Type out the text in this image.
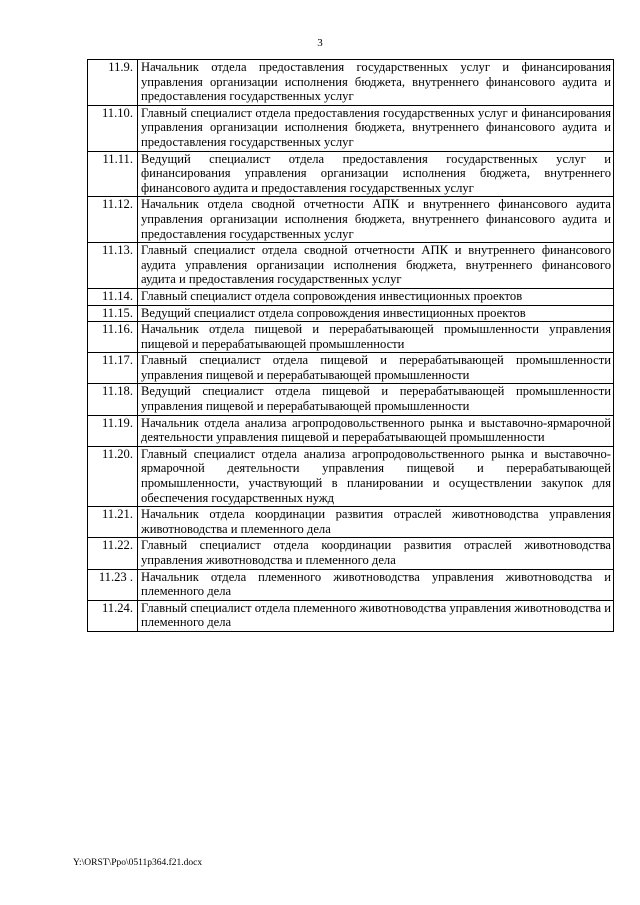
3
11.9.	Начальник отдела предоставления государственных услуг и финансирования управления организации исполнения бюджета, внутреннего финансового аудита и предоставления государственных услуг
11.10.	Главный специалист отдела предоставления государственных услуг и финансирования управления организации исполнения бюджета, внутреннего финансового аудита и предоставления государственных услуг
11.11.	Ведущий специалист отдела предоставления государственных услуг и финансирования управления организации исполнения бюджета, внутреннего финансового аудита и предоставления государственных услуг
11.12.	Начальник отдела сводной отчетности АПК и внутреннего финансового аудита управления организации исполнения бюджета, внутреннего финансового аудита и предоставления государственных услуг
11.13.	Главный специалист отдела сводной отчетности АПК и внутреннего финансового аудита управления организации исполнения бюджета, внутреннего финансового аудита и предоставления государственных услуг
11.14.	Главный специалист отдела сопровождения инвестиционных проектов
11.15.	Ведущий специалист отдела сопровождения инвестиционных проектов
11.16.	Начальник отдела пищевой и перерабатывающей промышленности управления пищевой и перерабатывающей промышленности
11.17.	Главный специалист отдела пищевой и перерабатывающей промышленности управления пищевой и перерабатывающей промышленности
11.18.	Ведущий специалист отдела пищевой и перерабатывающей промышленности управления пищевой и перерабатывающей промышленности
11.19.	Начальник отдела анализа агропродовольственного рынка и выставочно-ярмарочной деятельности управления пищевой и перерабатывающей промышленности
11.20.	Главный специалист отдела анализа агропродовольственного рынка и выставочно-ярмарочной деятельности управления пищевой и перерабатывающей промышленности, участвующий в планировании и осуществлении закупок для обеспечения государственных нужд
11.21.	Начальник отдела координации развития отраслей животноводства управления животноводства и племенного дела
11.22.	Главный специалист отдела координации развития отраслей животноводства управления животноводства и племенного дела
11.23 .	Начальник отдела племенного животноводства управления животноводства и племенного дела
11.24.	Главный специалист отдела племенного животноводства управления животноводства и племенного дела
Y:\ORST\Ppo\0511p364.f21.docx
